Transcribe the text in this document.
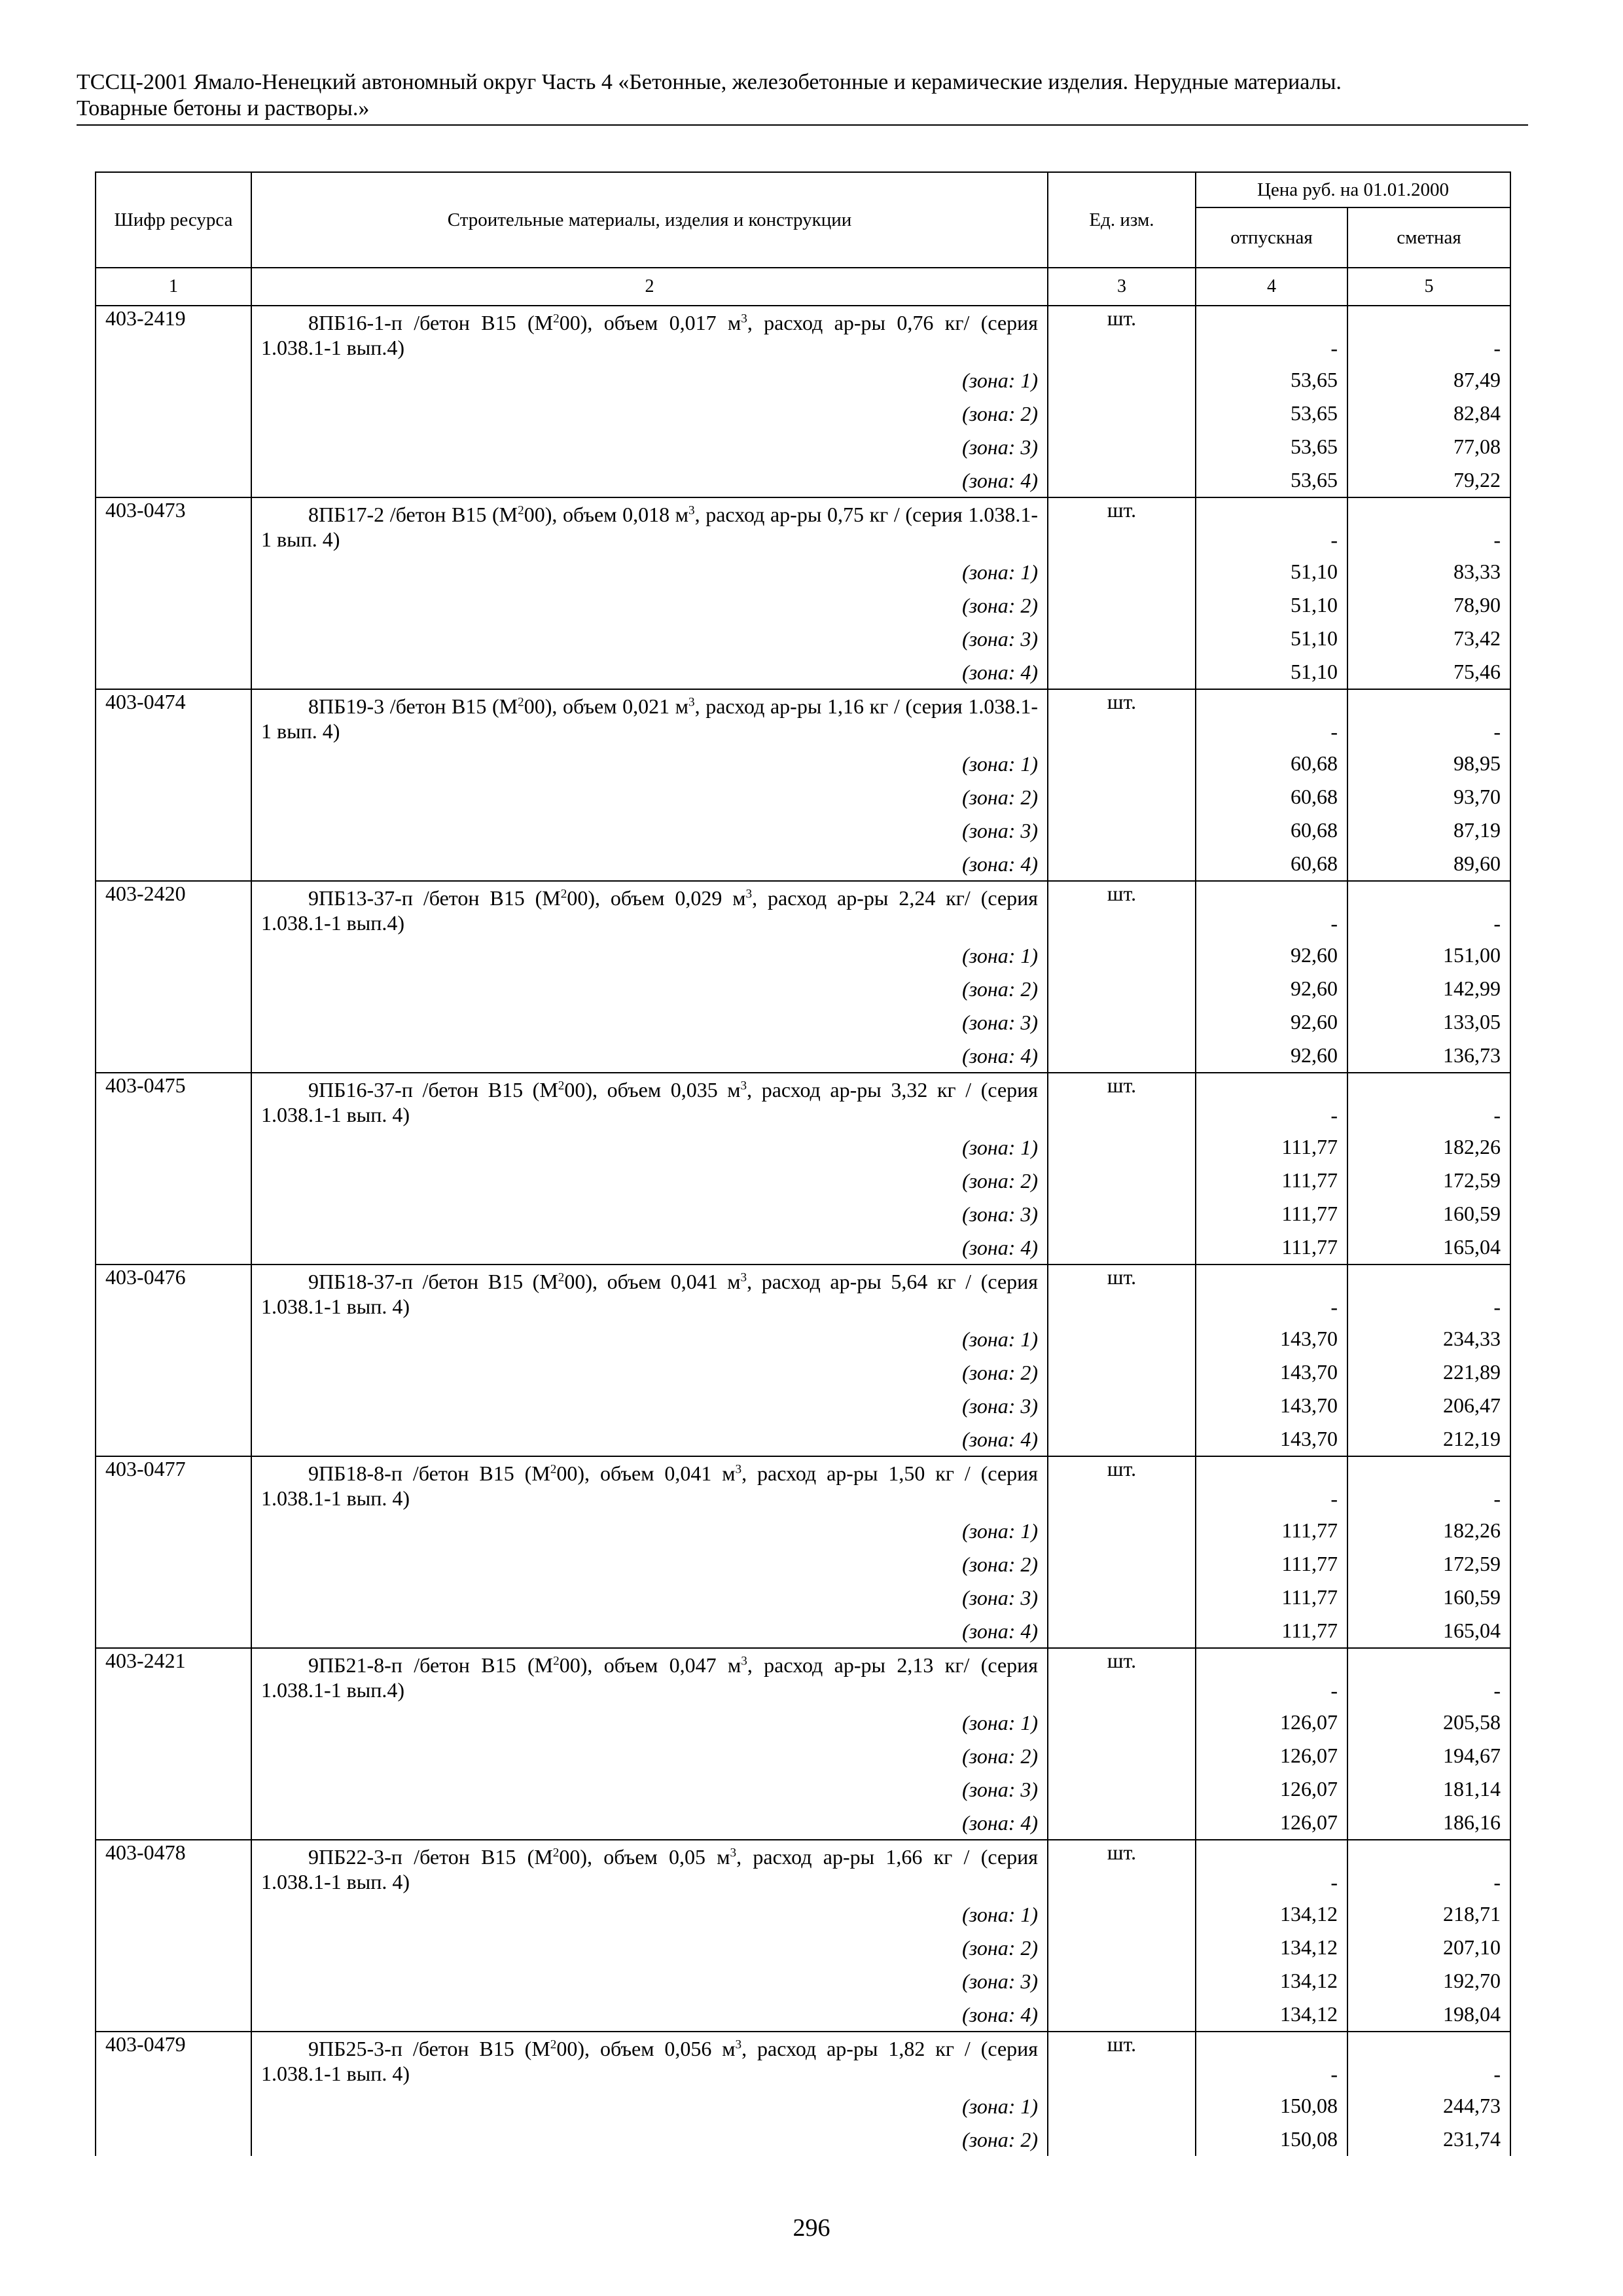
ТССЦ-2001 Ямало-Ненецкий автономный округ Часть 4 «Бетонные, железобетонные и керамические изделия. Нерудные материалы.
Товарные бетоны и растворы.»
Шифр ресурса	Строительные материалы, изделия и конструкции	Ед. изм.	Цена руб. на 01.01.2000	
			отпускная	сметная
1	2	3	4	5
403-2419	8ПБ16-1-п /бетон В15 $(М^200)$, объем 0,017 $м^3$, расход ар-ры 0,76 кг/ (серия 1.038.1-1 вып.4)	шт.	-	-
	(зона: 1)		53,65	87,49
	(зона: 2)		53,65	82,84
	(зона: 3)		53,65	77,08
	(зона: 4)		53,65	79,22
403-0473	8ПБ17-2 /бетон В15 $(М^200)$, объем 0,018 $м^3$, расход ар-ры 0,75 кг / (серия 1.038.1-1 вып. 4)	шт.	-	-
	(зона: 1)		51,10	83,33
	(зона: 2)		51,10	78,90
	(зона: 3)		51,10	73,42
	(зона: 4)		51,10	75,46
403-0474	8ПБ19-3 /бетон В15 $(М^200)$, объем 0,021 $м^3$, расход ар-ры 1,16 кг / (серия 1.038.1-1 вып. 4)	шт.	-	-
	(зона: 1)		60,68	98,95
	(зона: 2)		60,68	93,70
	(зона: 3)		60,68	87,19
	(зона: 4)		60,68	89,60
403-2420	9ПБ13-37-п /бетон В15 $(М^200)$, объем 0,029 $м^3$, расход ар-ры 2,24 кг/ (серия 1.038.1-1 вып.4)	шт.	-	-
	(зона: 1)		92,60	151,00
	(зона: 2)		92,60	142,99
	(зона: 3)		92,60	133,05
	(зона: 4)		92,60	136,73
403-0475	9ПБ16-37-п /бетон В15 $(М^200)$, объем 0,035 $м^3$, расход ар-ры 3,32 кг / (серия 1.038.1-1 вып. 4)	шт.	-	-
	(зона: 1)		111,77	182,26
	(зона: 2)		111,77	172,59
	(зона: 3)		111,77	160,59
	(зона: 4)		111,77	165,04
403-0476	9ПБ18-37-п /бетон В15 $(М^200)$, объем 0,041 $м^3$, расход ар-ры 5,64 кг / (серия 1.038.1-1 вып. 4)	шт.	-	-
	(зона: 1)		143,70	234,33
	(зона: 2)		143,70	221,89
	(зона: 3)		143,70	206,47
	(зона: 4)		143,70	212,19
403-0477	9ПБ18-8-п /бетон В15 $(М^200)$, объем 0,041 $м^3$, расход ар-ры 1,50 кг / (серия 1.038.1-1 вып. 4)	шт.	-	-
	(зона: 1)		111,77	182,26
	(зона: 2)		111,77	172,59
	(зона: 3)		111,77	160,59
	(зона: 4)		111,77	165,04
403-2421	9ПБ21-8-п /бетон В15 $(М^200)$, объем 0,047 $м^3$, расход ар-ры 2,13 кг/ (серия 1.038.1-1 вып.4)	шт.	-	-
	(зона: 1)		126,07	205,58
	(зона: 2)		126,07	194,67
	(зона: 3)		126,07	181,14
	(зона: 4)		126,07	186,16
403-0478	9ПБ22-3-п /бетон В15 $(М^200)$, объем 0,05 $м^3$, расход ар-ры 1,66 кг / (серия 1.038.1-1 вып. 4)	шт.	-	-
	(зона: 1)		134,12	218,71
	(зона: 2)		134,12	207,10
	(зона: 3)		134,12	192,70
	(зона: 4)		134,12	198,04
403-0479	9ПБ25-3-п /бетон В15 $(М^200)$, объем 0,056 $м^3$, расход ар-ры 1,82 кг / (серия 1.038.1-1 вып. 4)	шт.	-	-
	(зона: 1)		150,08	244,73
	(зона: 2)		150,08	231,74
296
